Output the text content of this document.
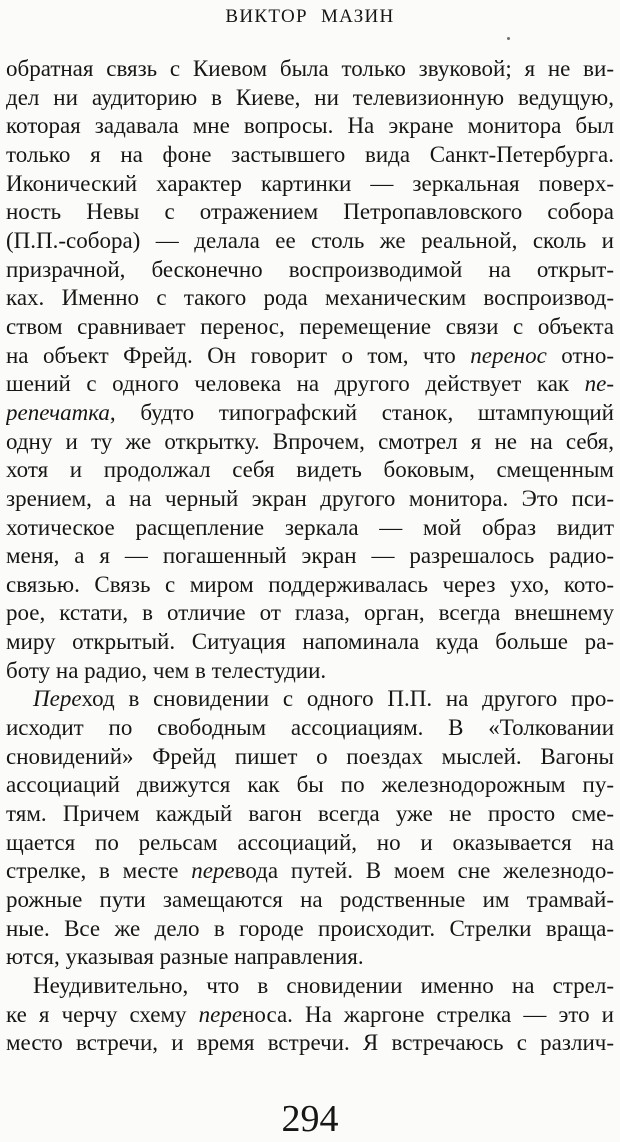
ВИКТОР МАЗИН
обратная связь с Киевом была только звуковой; я не ви-
дел ни аудиторию в Киеве, ни телевизионную ведущую,
которая задавала мне вопросы. На экране монитора был
только я на фоне застывшего вида Санкт-Петербурга.
Иконический характер картинки — зеркальная поверх-
ность Невы с отражением Петропавловского собора
(П.П.-собора) — делала ее столь же реальной, сколь и
призрачной, бесконечно воспроизводимой на открыт-
ках. Именно с такого рода механическим воспроизвод-
ством сравнивает перенос, перемещение связи с объекта
на объект Фрейд. Он говорит о том, что перенос отно-
шений с одного человека на другого действует как пе-
репечатка, будто типографский станок, штампующий
одну и ту же открытку. Впрочем, смотрел я не на себя,
хотя и продолжал себя видеть боковым, смещенным
зрением, а на черный экран другого монитора. Это пси-
хотическое расщепление зеркала — мой образ видит
меня, а я — погашенный экран — разрешалось радио-
связью. Связь с миром поддерживалась через ухо, кото-
рое, кстати, в отличие от глаза, орган, всегда внешнему
миру открытый. Ситуация напоминала куда больше ра-
боту на радио, чем в телестудии.
Переход в сновидении с одного П.П. на другого про-
исходит по свободным ассоциациям. В «Толковании
сновидений» Фрейд пишет о поездах мыслей. Вагоны
ассоциаций движутся как бы по железнодорожным пу-
тям. Причем каждый вагон всегда уже не просто сме-
щается по рельсам ассоциаций, но и оказывается на
стрелке, в месте перевода путей. В моем сне железнодо-
рожные пути замещаются на родственные им трамвай-
ные. Все же дело в городе происходит. Стрелки враща-
ются, указывая разные направления.
Неудивительно, что в сновидении именно на стрел-
ке я черчу схему переноса. На жаргоне стрелка — это и
место встречи, и время встречи. Я встречаюсь с различ-
294
